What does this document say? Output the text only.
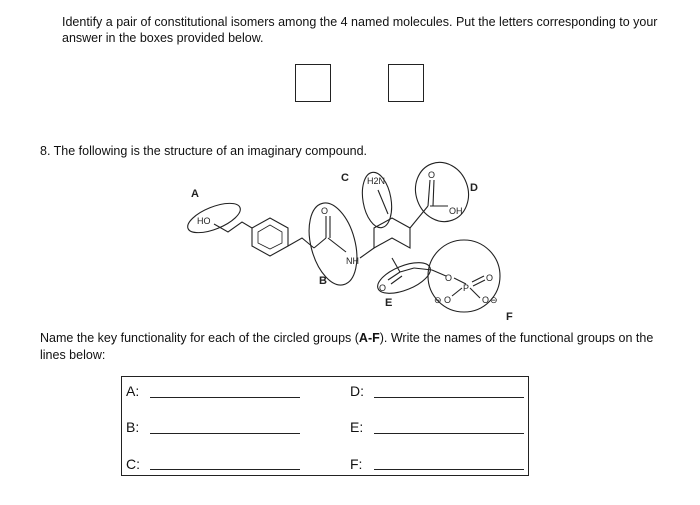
Identify a pair of constitutional isomers among the 4 named molecules. Put the letters corresponding to your answer in the boxes provided below.
8. The following is the structure of an imaginary compound.
HO
A
O
NH
B
H2N
C	O
OH
D
O
E
O
P
O
O
⊖	O ⊖
F
Name the key functionality for each of the circled groups (A-F). Write the names of the functional groups on the lines below:
A:
B:
C:
D:
E:
F:
